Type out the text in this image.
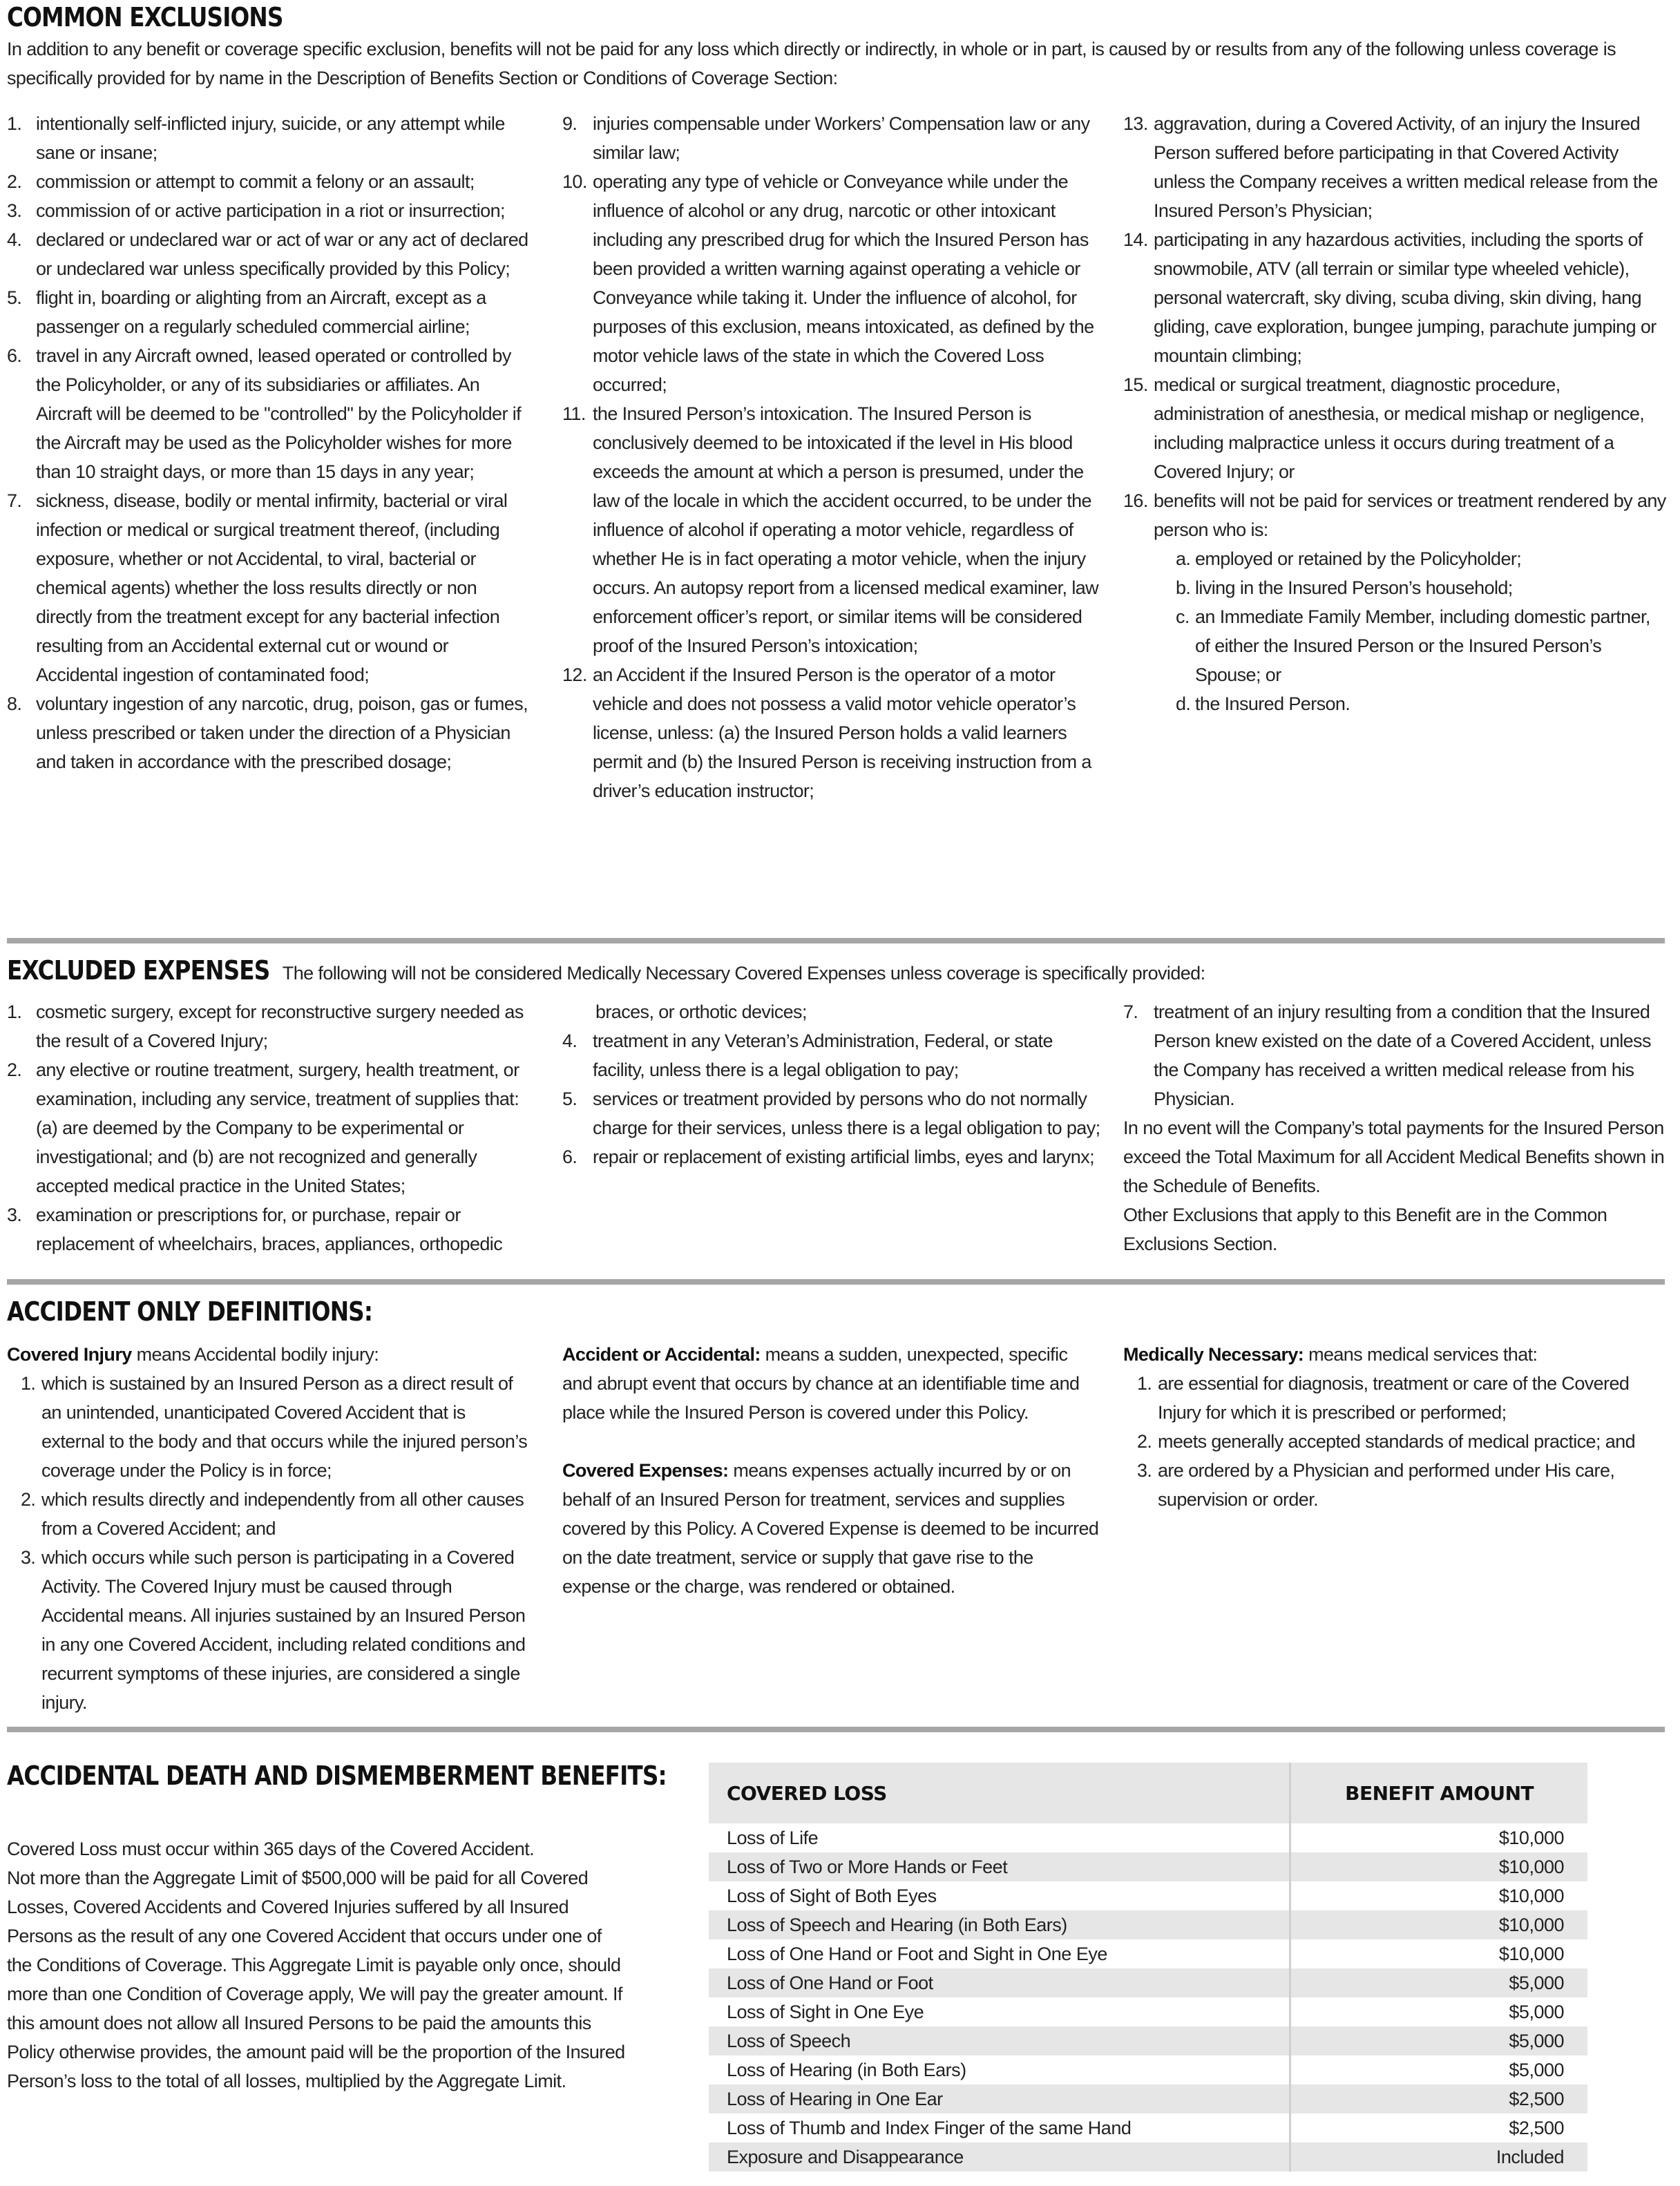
COMMON EXCLUSIONS
In addition to any benefit or coverage specific exclusion, benefits will not be paid for any loss which directly or indirectly, in whole or in part, is caused by or results from any of the following unless coverage is specifically provided for by name in the Description of Benefits Section or Conditions of Coverage Section:
1. intentionally self-inflicted injury, suicide, or any attempt while sane or insane;
2. commission or attempt to commit a felony or an assault;
3. commission of or active participation in a riot or insurrection;
4. declared or undeclared war or act of war or any act of declared or undeclared war unless specifically provided by this Policy;
5. flight in, boarding or alighting from an Aircraft, except as a passenger on a regularly scheduled commercial airline;
6. travel in any Aircraft owned, leased operated or controlled by the Policyholder, or any of its subsidiaries or affiliates. An Aircraft will be deemed to be "controlled" by the Policyholder if the Aircraft may be used as the Policyholder wishes for more than 10 straight days, or more than 15 days in any year;
7. sickness, disease, bodily or mental infirmity, bacterial or viral infection or medical or surgical treatment thereof, (including exposure, whether or not Accidental, to viral, bacterial or chemical agents) whether the loss results directly or non directly from the treatment except for any bacterial infection resulting from an Accidental external cut or wound or Accidental ingestion of contaminated food;
8. voluntary ingestion of any narcotic, drug, poison, gas or fumes, unless prescribed or taken under the direction of a Physician and taken in accordance with the prescribed dosage;
9. injuries compensable under Workers’ Compensation law or any similar law;
10. operating any type of vehicle or Conveyance while under the influence of alcohol or any drug, narcotic or other intoxicant including any prescribed drug for which the Insured Person has been provided a written warning against operating a vehicle or Conveyance while taking it. Under the influence of alcohol, for purposes of this exclusion, means intoxicated, as defined by the motor vehicle laws of the state in which the Covered Loss occurred;
11. the Insured Person’s intoxication. The Insured Person is conclusively deemed to be intoxicated if the level in His blood exceeds the amount at which a person is presumed, under the law of the locale in which the accident occurred, to be under the influence of alcohol if operating a motor vehicle, regardless of whether He is in fact operating a motor vehicle, when the injury occurs. An autopsy report from a licensed medical examiner, law enforcement officer’s report, or similar items will be considered proof of the Insured Person’s intoxication;
12. an Accident if the Insured Person is the operator of a motor vehicle and does not possess a valid motor vehicle operator’s license, unless: (a) the Insured Person holds a valid learners permit and (b) the Insured Person is receiving instruction from a driver’s education instructor;
13. aggravation, during a Covered Activity, of an injury the Insured Person suffered before participating in that Covered Activity unless the Company receives a written medical release from the Insured Person’s Physician;
14. participating in any hazardous activities, including the sports of snowmobile, ATV (all terrain or similar type wheeled vehicle), personal watercraft, sky diving, scuba diving, skin diving, hang gliding, cave exploration, bungee jumping, parachute jumping or mountain climbing;
15. medical or surgical treatment, diagnostic procedure, administration of anesthesia, or medical mishap or negligence, including malpractice unless it occurs during treatment of a Covered Injury; or
16. benefits will not be paid for services or treatment rendered by any person who is:
a. employed or retained by the Policyholder;
b. living in the Insured Person’s household;
c. an Immediate Family Member, including domestic partner, of either the Insured Person or the Insured Person’s Spouse; or
d. the Insured Person.
EXCLUDED EXPENSES The following will not be considered Medically Necessary Covered Expenses unless coverage is specifically provided:
1. cosmetic surgery, except for reconstructive surgery needed as the result of a Covered Injury;
2. any elective or routine treatment, surgery, health treatment, or examination, including any service, treatment of supplies that: (a) are deemed by the Company to be experimental or investigational; and (b) are not recognized and generally accepted medical practice in the United States;
3. examination or prescriptions for, or purchase, repair or replacement of wheelchairs, braces, appliances, orthopedic
braces, or orthotic devices;
4. treatment in any Veteran’s Administration, Federal, or state facility, unless there is a legal obligation to pay;
5. services or treatment provided by persons who do not normally charge for their services, unless there is a legal obligation to pay;
6. repair or replacement of existing artificial limbs, eyes and larynx;
7. treatment of an injury resulting from a condition that the Insured Person knew existed on the date of a Covered Accident, unless the Company has received a written medical release from his Physician.
In no event will the Company’s total payments for the Insured Person exceed the Total Maximum for all Accident Medical Benefits shown in the Schedule of Benefits.
Other Exclusions that apply to this Benefit are in the Common Exclusions Section.
ACCIDENT ONLY DEFINITIONS:
Covered Injury means Accidental bodily injury:
1. which is sustained by an Insured Person as a direct result of an unintended, unanticipated Covered Accident that is external to the body and that occurs while the injured person’s coverage under the Policy is in force;
2. which results directly and independently from all other causes from a Covered Accident; and
3. which occurs while such person is participating in a Covered Activity. The Covered Injury must be caused through Accidental means. All injuries sustained by an Insured Person in any one Covered Accident, including related conditions and recurrent symptoms of these injuries, are considered a single injury.
Accident or Accidental: means a sudden, unexpected, specific and abrupt event that occurs by chance at an identifiable time and place while the Insured Person is covered under this Policy.
Covered Expenses: means expenses actually incurred by or on behalf of an Insured Person for treatment, services and supplies covered by this Policy. A Covered Expense is deemed to be incurred on the date treatment, service or supply that gave rise to the expense or the charge, was rendered or obtained.
Medically Necessary: means medical services that:
1. are essential for diagnosis, treatment or care of the Covered Injury for which it is prescribed or performed;
2. meets generally accepted standards of medical practice; and
3. are ordered by a Physician and performed under His care, supervision or order.
ACCIDENTAL DEATH AND DISMEMBERMENT BENEFITS:
Covered Loss must occur within 365 days of the Covered Accident.
Not more than the Aggregate Limit of $500,000 will be paid for all Covered Losses, Covered Accidents and Covered Injuries suffered by all Insured Persons as the result of any one Covered Accident that occurs under one of the Conditions of Coverage. This Aggregate Limit is payable only once, should more than one Condition of Coverage apply, We will pay the greater amount. If this amount does not allow all Insured Persons to be paid the amounts this Policy otherwise provides, the amount paid will be the proportion of the Insured Person’s loss to the total of all losses, multiplied by the Aggregate Limit.
COVERED LOSS	BENEFIT AMOUNT
Loss of Life	$10,000
Loss of Two or More Hands or Feet	$10,000
Loss of Sight of Both Eyes	$10,000
Loss of Speech and Hearing (in Both Ears)	$10,000
Loss of One Hand or Foot and Sight in One Eye	$10,000
Loss of One Hand or Foot	$5,000
Loss of Sight in One Eye	$5,000
Loss of Speech	$5,000
Loss of Hearing (in Both Ears)	$5,000
Loss of Hearing in One Ear	$2,500
Loss of Thumb and Index Finger of the same Hand	$2,500
Exposure and Disappearance	Included
